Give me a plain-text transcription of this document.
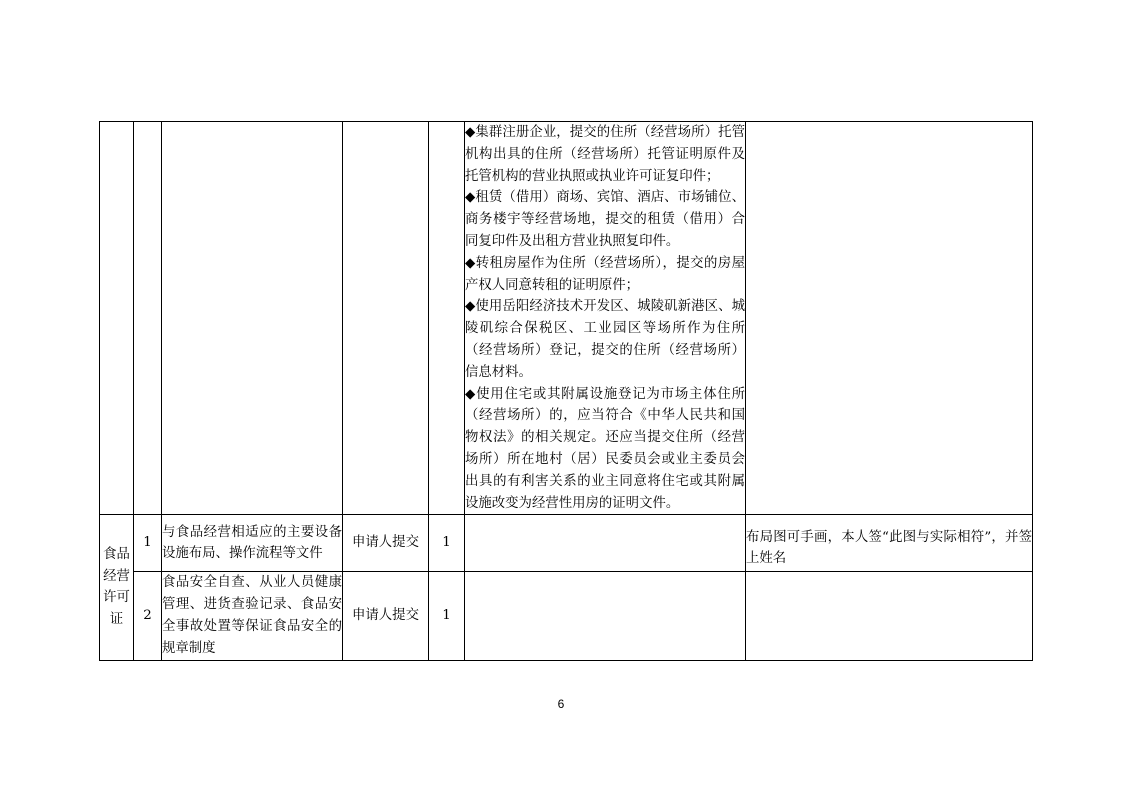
					◆集群注册企业，提交的住所（经营场所）托管机构出具的住所（经营场所）托管证明原件及托管机构的营业执照或执业许可证复印件；
◆租赁（借用）商场、宾馆、酒店、市场铺位、商务楼宇等经营场地，提交的租赁（借用）合同复印件及出租方营业执照复印件。
◆转租房屋作为住所（经营场所），提交的房屋产权人同意转租的证明原件；
◆使用岳阳经济技术开发区、城陵矶新港区、城陵矶综合保税区、工业园区等场所作为住所（经营场所）登记，提交的住所（经营场所）信息材料。
◆使用住宅或其附属设施登记为市场主体住所（经营场所）的，应当符合《中华人民共和国物权法》的相关规定。还应当提交住所（经营场所）所在地村（居）民委员会或业主委员会出具的有利害关系的业主同意将住宅或其附属设施改变为经营性用房的证明文件。	

食品经营许可证	1	与食品经营相适应的主要设备设施布局、操作流程等文件	申请人提交	1		布局图可手画，本人签“此图与实际相符”，并签上姓名
	2	食品安全自查、从业人员健康管理、进货查验记录、食品安全事故处置等保证食品安全的规章制度	申请人提交	1		
6
